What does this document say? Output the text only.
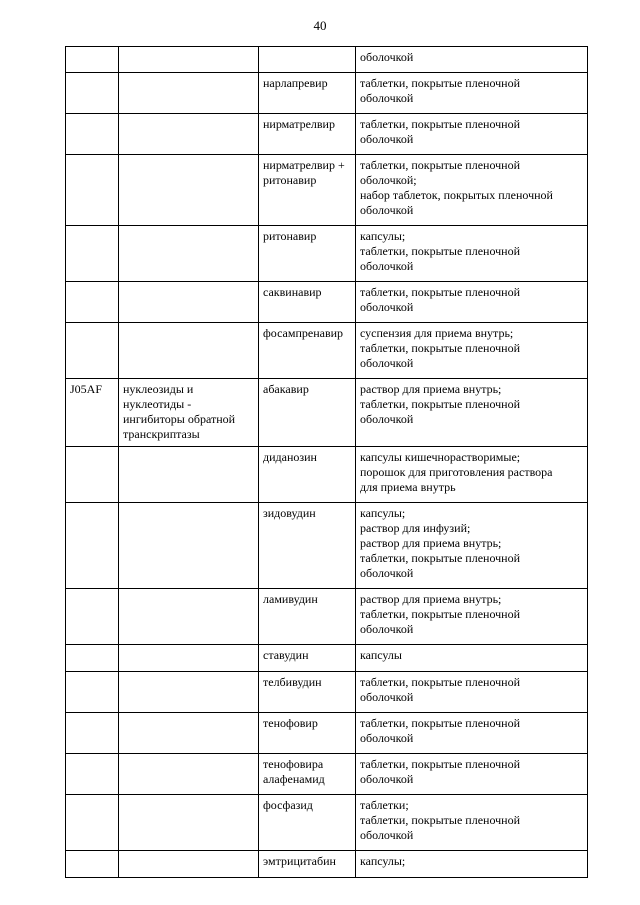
40
			оболочкой
		нарлапревир	таблетки, покрытые пленочной
оболочкой
		нирматрелвир	таблетки, покрытые пленочной
оболочкой
		нирматрелвир +
ритонавир	таблетки, покрытые пленочной
оболочкой;
набор таблеток, покрытых пленочной
оболочкой
		ритонавир	капсулы;
таблетки, покрытые пленочной
оболочкой
		саквинавир	таблетки, покрытые пленочной
оболочкой
		фосампренавир	суспензия для приема внутрь;
таблетки, покрытые пленочной
оболочкой
J05AF	нуклеозиды и
нуклеотиды -
ингибиторы обратной
транскриптазы	абакавир	раствор для приема внутрь;
таблетки, покрытые пленочной
оболочкой
		диданозин	капсулы кишечнорастворимые;
порошок для приготовления раствора
для приема внутрь
		зидовудин	капсулы;
раствор для инфузий;
раствор для приема внутрь;
таблетки, покрытые пленочной
оболочкой
		ламивудин	раствор для приема внутрь;
таблетки, покрытые пленочной
оболочкой
		ставудин	капсулы
		телбивудин	таблетки, покрытые пленочной
оболочкой
		тенофовир	таблетки, покрытые пленочной
оболочкой
		тенофовира
алафенамид	таблетки, покрытые пленочной
оболочкой
		фосфазид	таблетки;
таблетки, покрытые пленочной
оболочкой
		эмтрицитабин	капсулы;
